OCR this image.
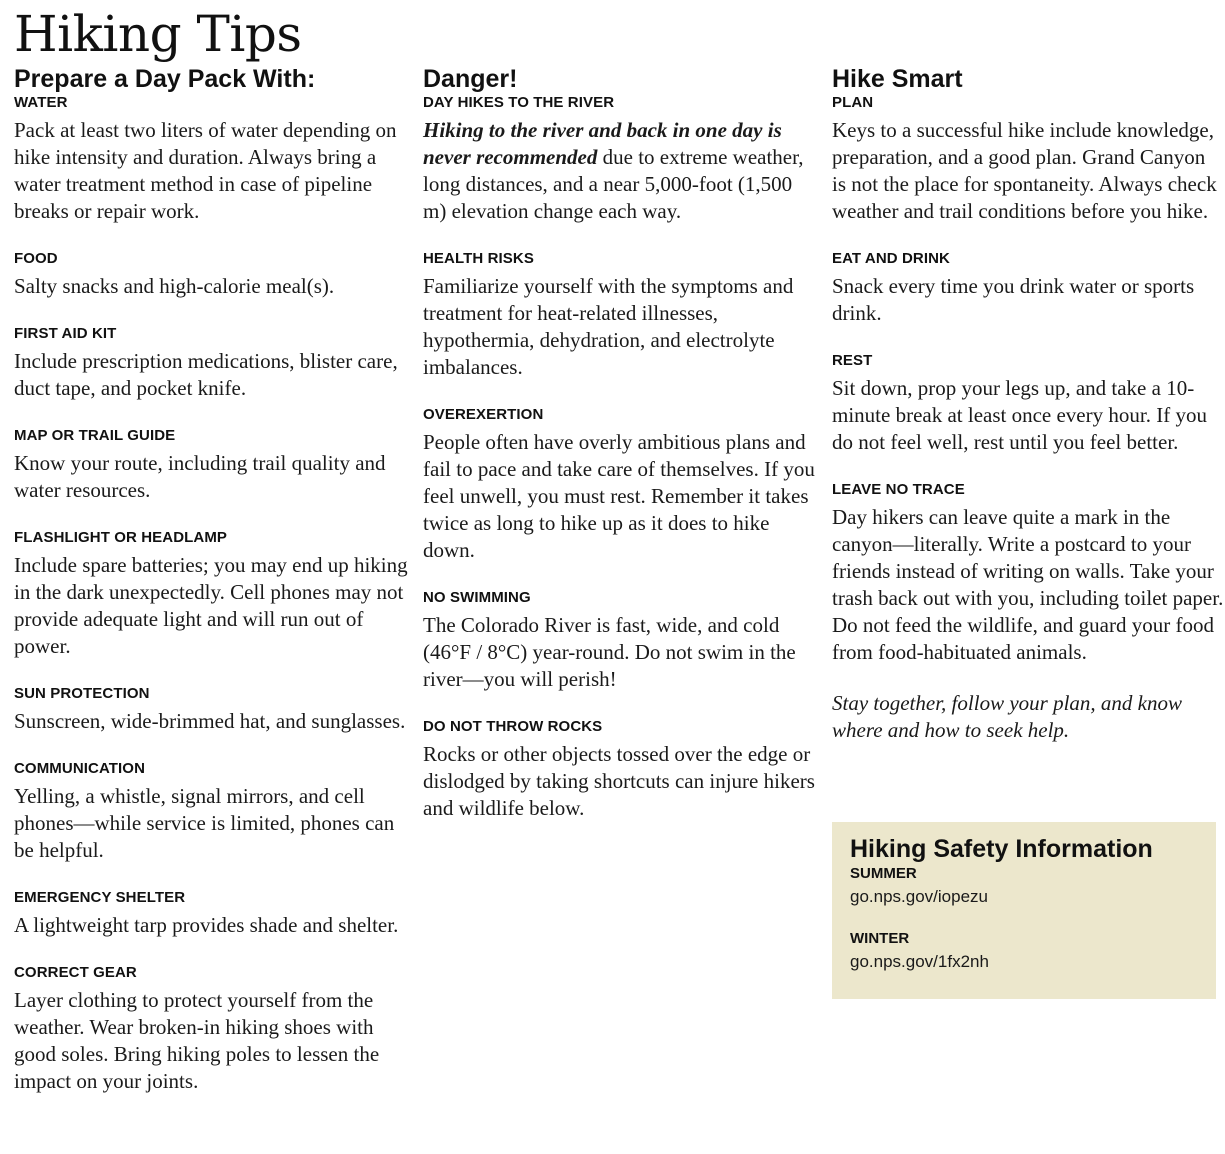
Hiking Tips
Prepare a Day Pack With:
WATER

Pack at least two liters of water depending on hike intensity and duration. Always bring a water treatment method in case of pipeline breaks or repair work.

FOOD

Salty snacks and high-calorie meal(s).

FIRST AID KIT

Include prescription medications, blister care, duct tape, and pocket knife.

MAP OR TRAIL GUIDE

Know your route, including trail quality and water resources.

FLASHLIGHT OR HEADLAMP

Include spare batteries; you may end up hiking in the dark unexpectedly. Cell phones may not provide adequate light and will run out of power.

SUN PROTECTION

Sunscreen, wide-brimmed hat, and sunglasses.

COMMUNICATION

Yelling, a whistle, signal mirrors, and cell phones—while service is limited, phones can be helpful.

EMERGENCY SHELTER

A lightweight tarp provides shade and shelter.

CORRECT GEAR

Layer clothing to protect yourself from the weather. Wear broken-in hiking shoes with good soles. Bring hiking poles to lessen the impact on your joints.

Danger!
DAY HIKES TO THE RIVER

Hiking to the river and back in one day is never recommended due to extreme weather, long distances, and a near 5,000-foot (1,500 m) elevation change each way.

HEALTH RISKS

Familiarize yourself with the symptoms and treatment for heat-related illnesses, hypothermia, dehydration, and electrolyte imbalances.

OVEREXERTION

People often have overly ambitious plans and fail to pace and take care of themselves. If you feel unwell, you must rest. Remember it takes twice as long to hike up as it does to hike down.

NO SWIMMING

The Colorado River is fast, wide, and cold (46°F / 8°C) year-round. Do not swim in the river—you will perish!

DO NOT THROW ROCKS

Rocks or other objects tossed over the edge or dislodged by taking shortcuts can injure hikers and wildlife below.

Hike Smart
PLAN

Keys to a successful hike include knowledge, preparation, and a good plan. Grand Canyon is not the place for spontaneity. Always check weather and trail conditions before you hike.

EAT AND DRINK

Snack every time you drink water or sports drink.

REST

Sit down, prop your legs up, and take a 10-minute break at least once every hour. If you do not feel well, rest until you feel better.

LEAVE NO TRACE

Day hikers can leave quite a mark in the canyon—literally. Write a postcard to your friends instead of writing on walls. Take your trash back out with you, including toilet paper. Do not feed the wildlife, and guard your food from food-habituated animals.

Stay together, follow your plan, and know where and how to seek help.

Hiking Safety Information
SUMMER
go.nps.gov/iopezu
WINTER
go.nps.gov/1fx2nh
